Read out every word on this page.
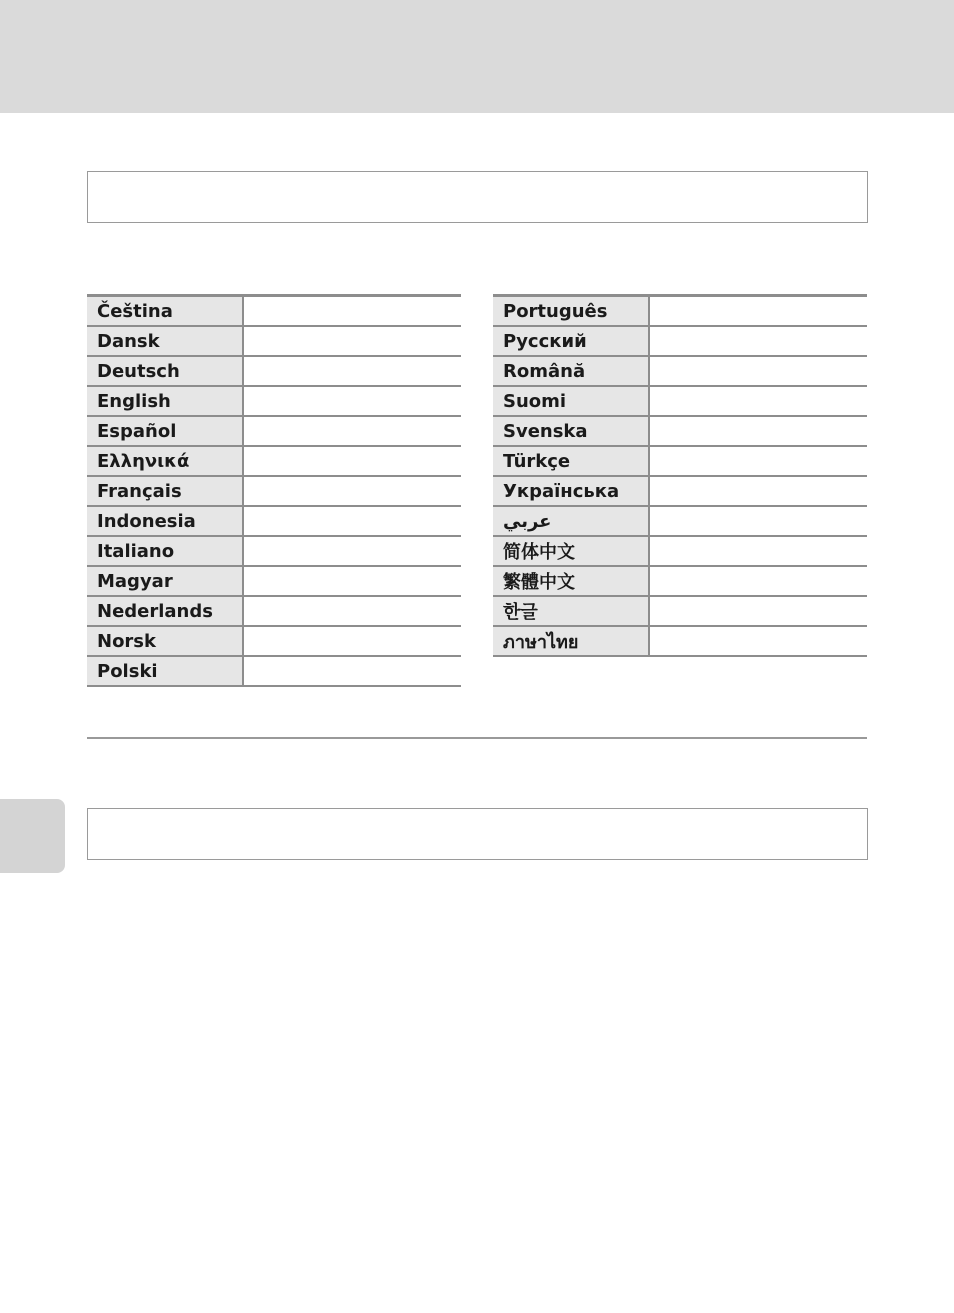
Čeština
Dansk
Deutsch
English
Español
Ελληνικά
Français
Indonesia
Italiano
Magyar
Nederlands
Norsk
Polski
Português
Русский
Română
Suomi
Svenska
Türkçe
Українська
عربي
简体中文
繁體中文
한글
ภาษาไทย
